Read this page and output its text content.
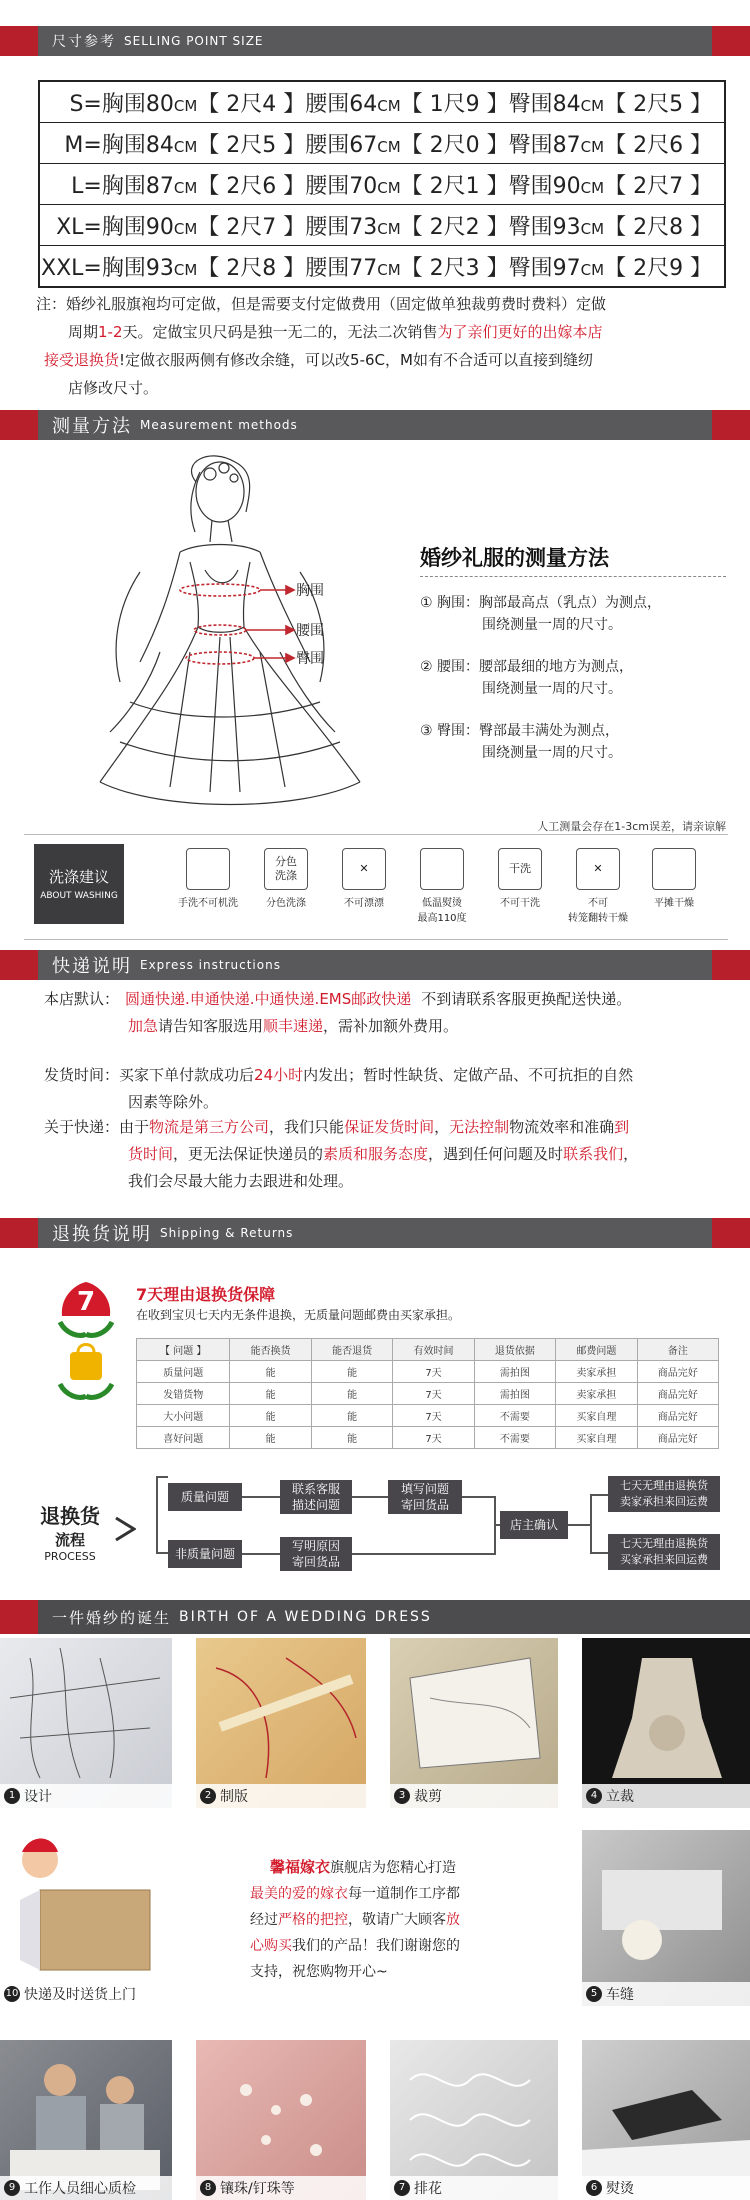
尺寸参考 SELLING POINT SIZE
S=胸围80CM【 2尺4 】腰围64CM【 1尺9 】臀围84CM【 2尺5 】
M=胸围84CM【 2尺5 】腰围67CM【 2尺0 】臀围87CM【 2尺6 】
L=胸围87CM【 2尺6 】腰围70CM【 2尺1 】臀围90CM【 2尺7 】
XL=胸围90CM【 2尺7 】腰围73CM【 2尺2 】臀围93CM【 2尺8 】
XXL=胸围93CM【 2尺8 】腰围77CM【 2尺3 】臀围97CM【 2尺9 】
注：婚纱礼服旗袍均可定做，但是需要支付定做费用（固定做单独裁剪费时费料）定做
周期1-2天。定做宝贝尺码是独一无二的，无法二次销售为了亲们更好的出嫁本店
接受退换货!定做衣服两侧有修改余缝，可以改5-6C，M如有不合适可以直接到缝纫
店修改尺寸。
测量方法 Measurement methods
胸围
腰围
臀围
婚纱礼服的测量方法
① 胸围：胸部最高点（乳点）为测点，
围绕测量一周的尺寸。
② 腰围：腰部最细的地方为测点，
围绕测量一周的尺寸。
③ 臀围：臀部最丰满处为测点，
围绕测量一周的尺寸。
人工测量会存在1-3cm误差，请亲谅解
洗涤建议
ABOUT WASHING
手洗不可机洗
分色
洗涤
分色洗涤
✕
不可漂漂	低温熨烫
最高110度
干洗
不可干洗
✕
不可
转笼翻转干燥
平摊干燥
快递说明 Express instructions
本店默认： 圆通快递.申通快递.中通快递.EMS邮政快递 不到请联系客服更换配送快递。
加急请告知客服选用顺丰速递，需补加额外费用。
发货时间：买家下单付款成功后24小时内发出；暂时性缺货、定做产品、不可抗拒的自然
因素等除外。
关于快递：由于物流是第三方公司，我们只能保证发货时间，无法控制物流效率和准确到
货时间，更无法保证快递员的素质和服务态度，遇到任何问题及时联系我们，
我们会尽最大能力去跟进和处理。
退换货说明 Shipping & Returns
7	7天理由退换货保障
在收到宝贝七天内无条件退换，无质量问题邮费由买家承担。
【 问题 】	能否换货	能否退货	有效时间	退货依据	邮费问题	备注
质量问题	能	能	7天	需拍图	卖家承担	商品完好
发错货物	能	能	7天	需拍图	卖家承担	商品完好
大小问题	能	能	7天	不需要	买家自理	商品完好
喜好问题	能	能	7天	不需要	买家自理	商品完好
退换货
流程
PROCESS
质量问题
非质量问题
联系客服
描述问题
写明原因
寄回货品
填写问题
寄回货品
店主确认
七天无理由退换货
卖家承担来回运费
七天无理由退换货
买家承担来回运费
一件婚纱的诞生 BIRTH OF A WEDDING DRESS
1 设计	2 制版	3 裁剪	4 立裁
10 快递及时送货上门
馨福嫁衣旗舰店为您精心打造
最美的爱的嫁衣每一道制作工序都
经过严格的把控，敬请广大顾客放
心购买我们的产品！我们谢谢您的
支持，祝您购物开心~
5 车缝
9 工作人员细心质检	8 镶珠/钉珠等	7 排花	6 熨烫
